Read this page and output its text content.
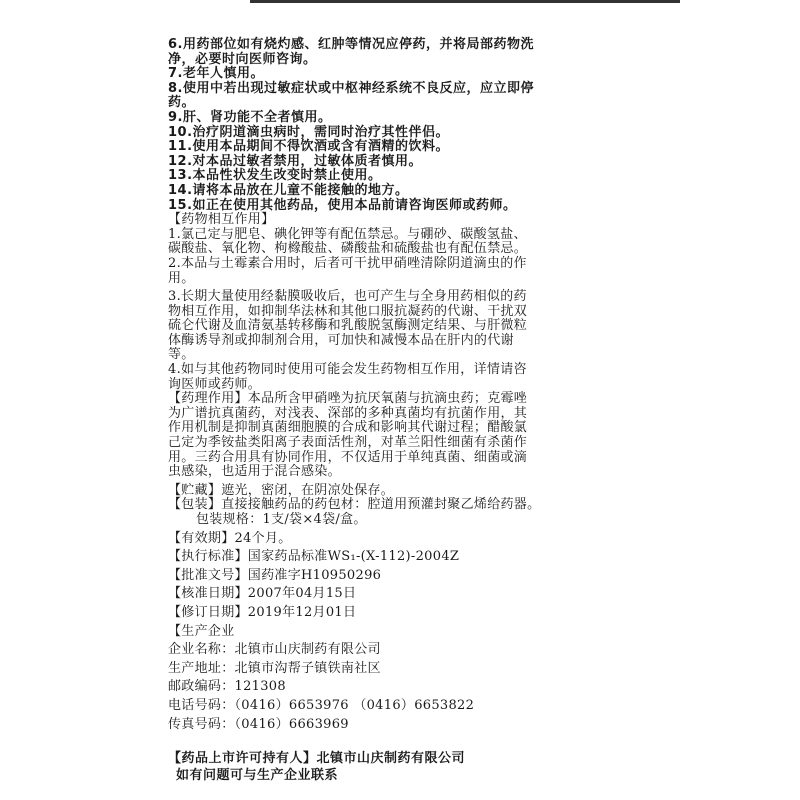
6.用药部位如有烧灼感、红肿等情况应停药，并将局部药物洗
净，必要时向医师咨询。
7.老年人慎用。
8.使用中若出现过敏症状或中枢神经系统不良反应，应立即停
药。
9.肝、肾功能不全者慎用。
10.治疗阴道滴虫病时，需同时治疗其性伴侣。
11.使用本品期间不得饮酒或含有酒精的饮料。
12.对本品过敏者禁用，过敏体质者慎用。
13.本品性状发生改变时禁止使用。
14.请将本品放在儿童不能接触的地方。
15.如正在使用其他药品，使用本品前请咨询医师或药师。
【药物相互作用】
1.氯己定与肥皂、碘化钾等有配伍禁忌。与硼砂、碳酸氢盐、
碳酸盐、氧化物、枸橼酸盐、磷酸盐和硫酸盐也有配伍禁忌。
2.本品与土霉素合用时，后者可干扰甲硝唑清除阴道滴虫的作
用。
3.长期大量使用经黏膜吸收后，也可产生与全身用药相似的药
物相互作用，如抑制华法林和其他口服抗凝药的代谢、干扰双
硫仑代谢及血清氨基转移酶和乳酸脱氢酶测定结果、与肝微粒
体酶诱导剂或抑制剂合用，可加快和减慢本品在肝内的代谢
等。
4.如与其他药物同时使用可能会发生药物相互作用，详情请咨
询医师或药师。
【药理作用】本品所含甲硝唑为抗厌氧菌与抗滴虫药；克霉唑
为广谱抗真菌药，对浅表、深部的多种真菌均有抗菌作用，其
作用机制是抑制真菌细胞膜的合成和影响其代谢过程；醋酸氯
己定为季铵盐类阳离子表面活性剂，对革兰阳性细菌有杀菌作
用。三药合用具有协同作用，不仅适用于单纯真菌、细菌或滴
虫感染，也适用于混合感染。
【贮藏】遮光，密闭，在阴凉处保存。
【包装】直接接触药品的药包材：腔道用预灌封聚乙烯给药器。
包装规格：1支/袋×4袋/盒。
【有效期】24个月。
【执行标准】国家药品标准WS₁-(X-112)-2004Z
【批准文号】国药准字H10950296
【核准日期】2007年04月15日
【修订日期】2019年12月01日
【生产企业
企业名称：北镇市山庆制药有限公司
生产地址：北镇市沟帮子镇铁南社区
邮政编码：121308
电话号码：（0416）6653976 （0416）6653822
传真号码：（0416）6663969
【药品上市许可持有人】北镇市山庆制药有限公司
如有问题可与生产企业联系
